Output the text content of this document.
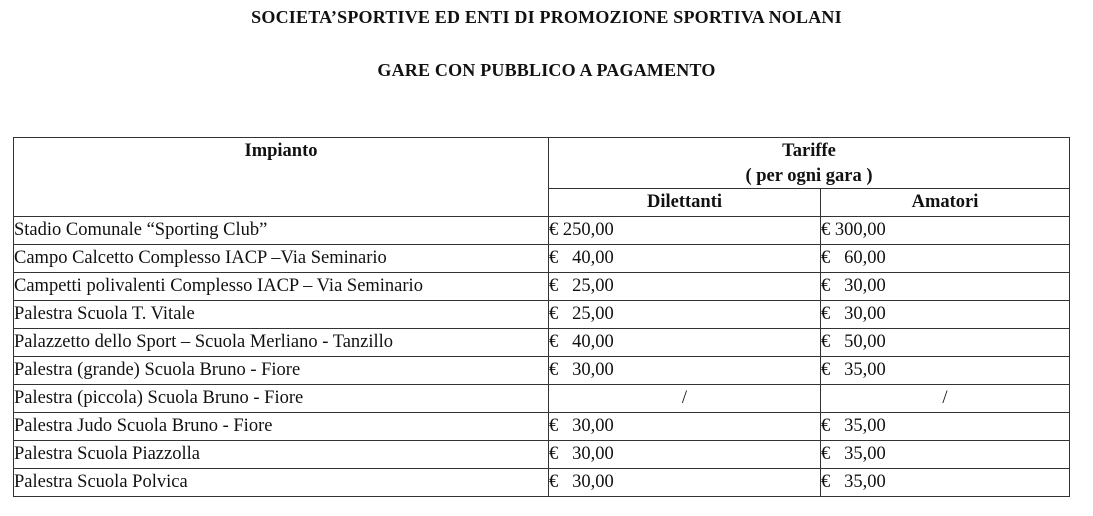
SOCIETA’SPORTIVE ED ENTI DI PROMOZIONE SPORTIVA NOLANI
GARE CON PUBBLICO A PAGAMENTO
Impianto	Tariffe
( per ogni gara )	

	Dilettanti	Amatori
Stadio Comunale “Sporting Club”	€ 250,00	€ 300,00
Campo Calcetto Complesso IACP –Via Seminario	€   40,00	€   60,00
Campetti polivalenti Complesso IACP – Via Seminario	€   25,00	€   30,00
Palestra Scuola T. Vitale	€   25,00	€   30,00
Palazzetto dello Sport – Scuola Merliano - Tanzillo	€   40,00	€   50,00
Palestra (grande) Scuola Bruno - Fiore	€   30,00	€   35,00
Palestra (piccola) Scuola Bruno - Fiore	/	/
Palestra Judo Scuola Bruno - Fiore	€   30,00	€   35,00
Palestra Scuola Piazzolla	€   30,00	€   35,00
Palestra Scuola Polvica	€   30,00	€   35,00
